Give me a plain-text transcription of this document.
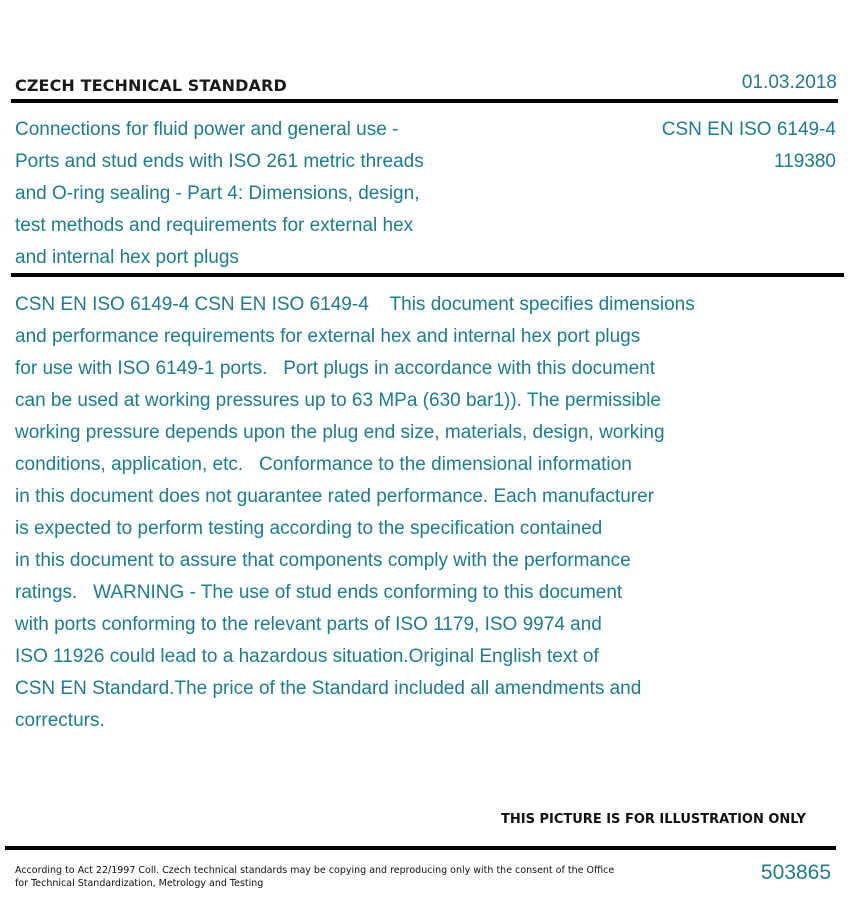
CZECH TECHNICAL STANDARD	01.03.2018
Connections for fluid power and general use -
Ports and stud ends with ISO 261 metric threads
and O-ring sealing - Part 4: Dimensions, design,
test methods and requirements for external hex
and internal hex port plugs
CSN EN ISO 6149-4
119380
CSN EN ISO 6149-4 CSN EN ISO 6149-4    This document specifies dimensions
and performance requirements for external hex and internal hex port plugs
for use with ISO 6149-1 ports.   Port plugs in accordance with this document
can be used at working pressures up to 63 MPa (630 bar1)). The permissible
working pressure depends upon the plug end size, materials, design, working
conditions, application, etc.   Conformance to the dimensional information
in this document does not guarantee rated performance. Each manufacturer
is expected to perform testing according to the specification contained
in this document to assure that components comply with the performance
ratings.   WARNING - The use of stud ends conforming to this document
with ports conforming to the relevant parts of ISO 1179, ISO 9974 and
ISO 11926 could lead to a hazardous situation.Original English text of
CSN EN Standard.The price of the Standard included all amendments and
correcturs.
THIS PICTURE IS FOR ILLUSTRATION ONLY
According to Act 22/1997 Coll. Czech technical standards may be copying and reproducing only with the consent of the Office
for Technical Standardization, Metrology and Testing	503865
